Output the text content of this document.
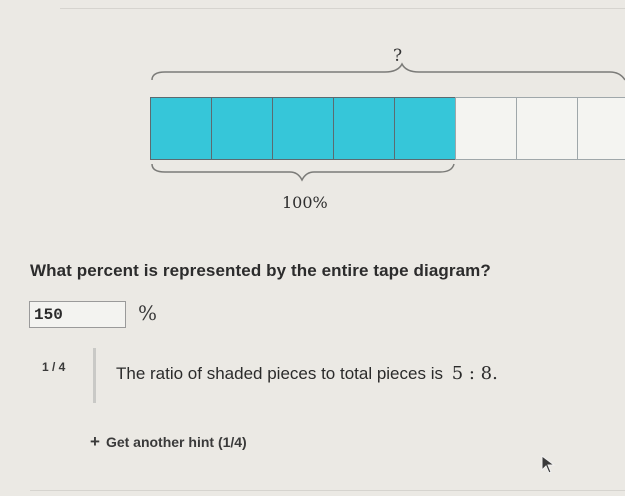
?
100%
What percent is represented by the entire tape diagram?
150	%
1 / 4	The ratio of shaded pieces to total pieces is 5 : 8.
+ Get another hint (1/4)
